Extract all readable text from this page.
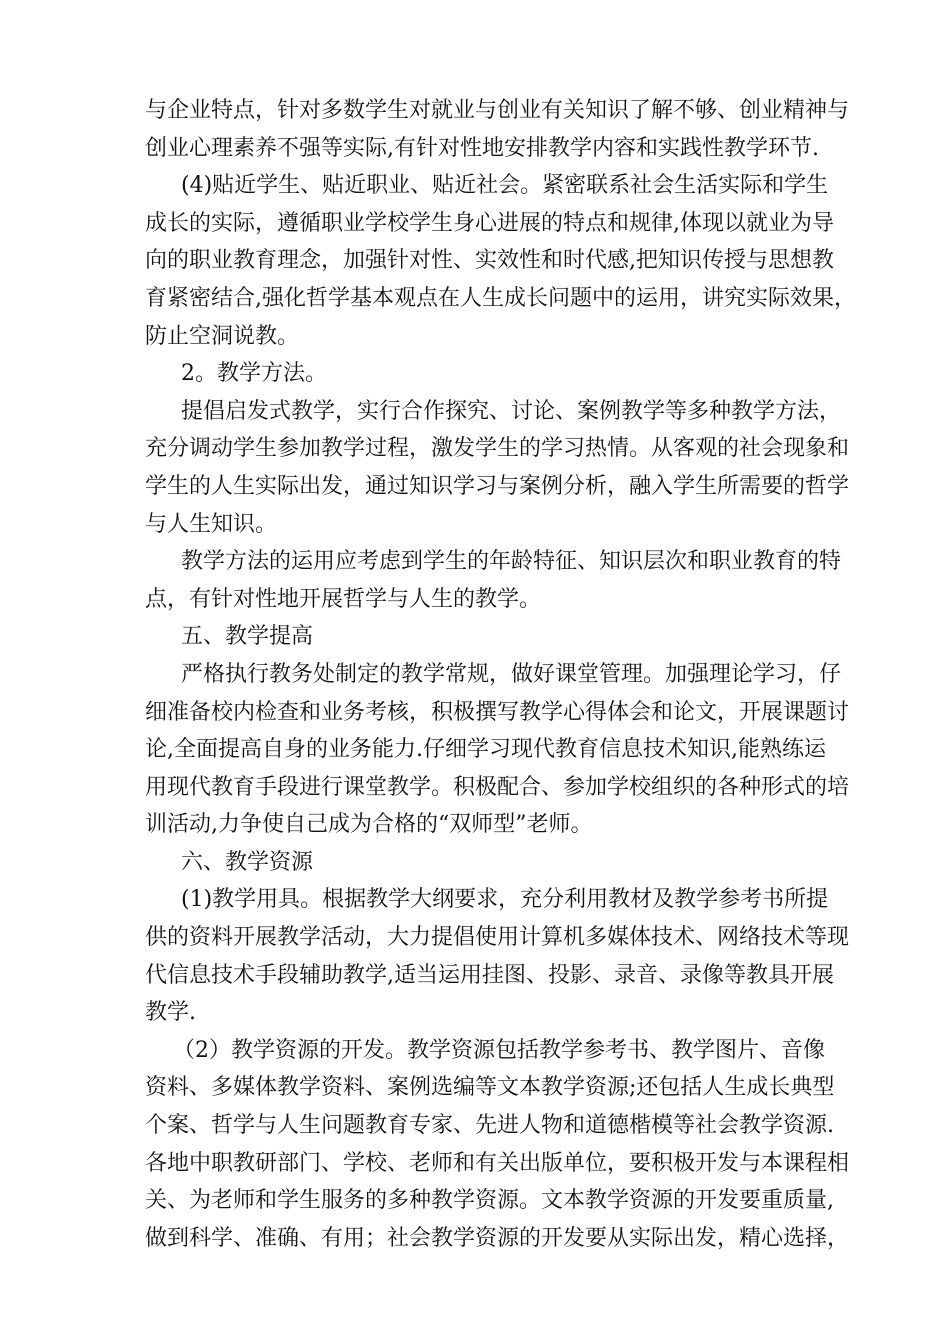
与企业特点，针对多数学生对就业与创业有关知识了解不够、创业精神与
创业心理素养不强等实际,有针对性地安排教学内容和实践性教学环节.
(4)贴近学生、贴近职业、贴近社会。紧密联系社会生活实际和学生
成长的实际，遵循职业学校学生身心进展的特点和规律,体现以就业为导
向的职业教育理念，加强针对性、实效性和时代感,把知识传授与思想教
育紧密结合,强化哲学基本观点在人生成长问题中的运用，讲究实际效果，
防止空洞说教。
2。教学方法。
提倡启发式教学，实行合作探究、讨论、案例教学等多种教学方法，
充分调动学生参加教学过程，激发学生的学习热情。从客观的社会现象和
学生的人生实际出发，通过知识学习与案例分析，融入学生所需要的哲学
与人生知识。
教学方法的运用应考虑到学生的年龄特征、知识层次和职业教育的特
点，有针对性地开展哲学与人生的教学。
五、教学提高
严格执行教务处制定的教学常规，做好课堂管理。加强理论学习，仔
细准备校内检查和业务考核，积极撰写教学心得体会和论文，开展课题讨
论,全面提高自身的业务能力.仔细学习现代教育信息技术知识,能熟练运
用现代教育手段进行课堂教学。积极配合、参加学校组织的各种形式的培
训活动,力争使自己成为合格的“双师型”老师。
六、教学资源
(1)教学用具。根据教学大纲要求，充分利用教材及教学参考书所提
供的资料开展教学活动，大力提倡使用计算机多媒体技术、网络技术等现
代信息技术手段辅助教学,适当运用挂图、投影、录音、录像等教具开展
教学.
（2）教学资源的开发。教学资源包括教学参考书、教学图片、音像
资料、多媒体教学资料、案例选编等文本教学资源;还包括人生成长典型
个案、哲学与人生问题教育专家、先进人物和道德楷模等社会教学资源.
各地中职教研部门、学校、老师和有关出版单位，要积极开发与本课程相
关、为老师和学生服务的多种教学资源。文本教学资源的开发要重质量,
做到科学、准确、有用；社会教学资源的开发要从实际出发，精心选择，
